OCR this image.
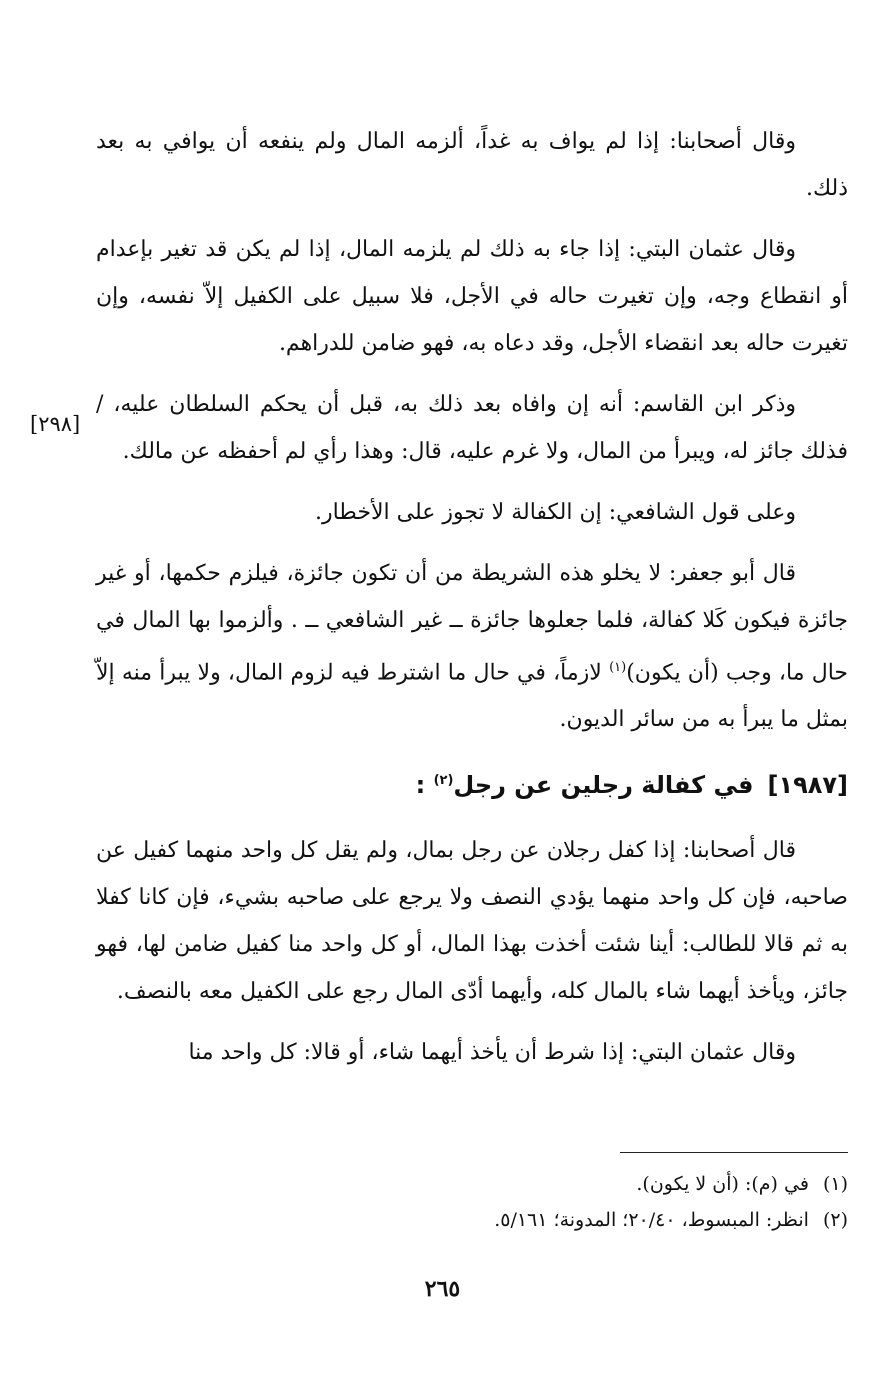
وقال أصحابنا: إذا لم يواف به غداً، ألزمه المال ولم ينفعه أن يوافي به بعد ذلك.

وقال عثمان البتي: إذا جاء به ذلك لم يلزمه المال، إذا لم يكن قد تغير بإعدام أو انقطاع وجه، وإن تغيرت حاله في الأجل، فلا سبيل على الكفيل إلاّ نفسه، وإن تغيرت حاله بعد انقضاء الأجل، وقد دعاه به، فهو ضامن للدراهم.

وذكر ابن القاسم: أنه إن وافاه بعد ذلك به، قبل أن يحكم السلطان عليه، / فذلك جائز له، ويبرأ من المال، ولا غرم عليه، قال: وهذا رأي لم أحفظه عن مالك.

وعلى قول الشافعي: إن الكفالة لا تجوز على الأخطار.

قال أبو جعفر: لا يخلو هذه الشريطة من أن تكون جائزة، فيلزم حكمها، أو غير جائزة فيكون كَلا كفالة، فلما جعلوها جائزة ــ غير الشافعي ــ . وألزموا بها المال في حال ما، وجب (أن يكون)$^{(١)}$ لازماً، في حال ما اشترط فيه لزوم المال، ولا يبرأ منه إلاّ بمثل ما يبرأ به من سائر الديون.

[١٩٨٧]في كفالة رجلين عن رجل$^{(٢)}$ :

قال أصحابنا: إذا كفل رجلان عن رجل بمال، ولم يقل كل واحد منهما كفيل عن صاحبه، فإن كل واحد منهما يؤدي النصف ولا يرجع على صاحبه بشيء، فإن كانا كفلا به ثم قالا للطالب: أينا شئت أخذت بهذا المال، أو كل واحد منا كفيل ضامن لها، فهو جائز، ويأخذ أيهما شاء بالمال كله، وأيهما أدّى المال رجع على الكفيل معه بالنصف.

وقال عثمان البتي: إذا شرط أن يأخذ أيهما شاء، أو قالا: كل واحد منا

[٢٩٨]

(١)في (م): (أن لا يكون).

(٢)انظر: المبسوط، ٢٠/٤٠؛ المدونة؛ ٥/١٦١.

٢٦٥
